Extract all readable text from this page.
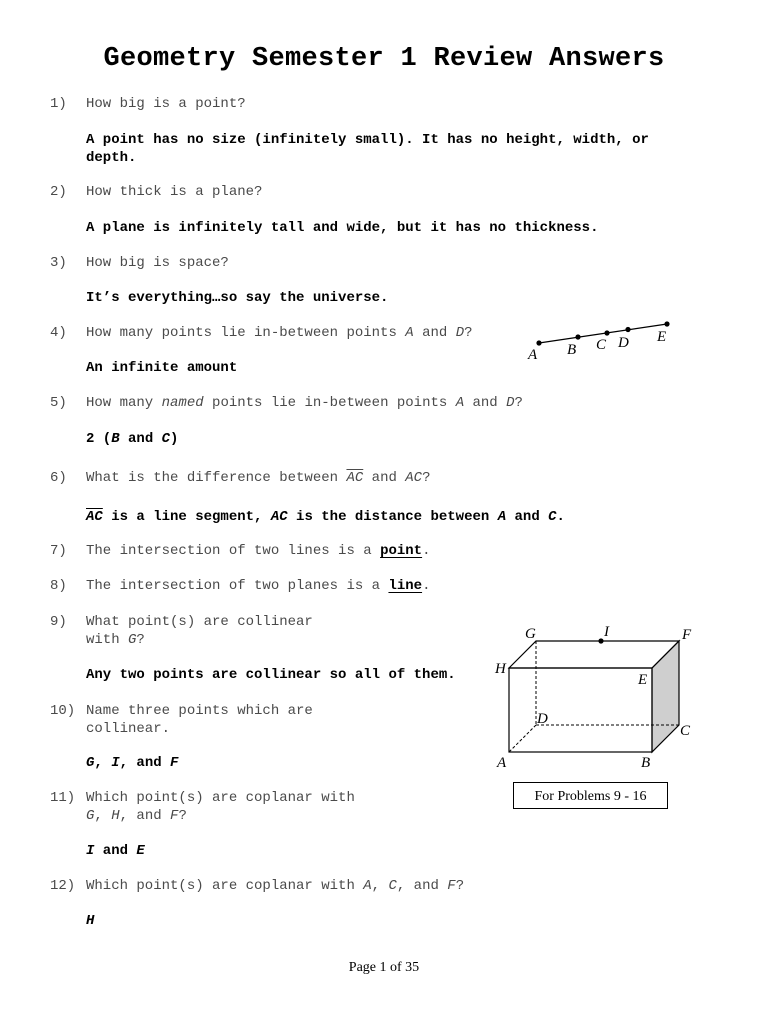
Geometry Semester 1 Review Answers
1) How big is a point?
A point has no size (infinitely small). It has no height, width, or
depth.
2) How thick is a plane?
A plane is infinitely tall and wide, but it has no thickness.
3) How big is space?
It’s everything…so say the universe.
4) How many points lie in-between points A and D?
An infinite amount
A B C D E
5) How many named points lie in-between points A and D?
2 (B and C)
6) What is the difference between $\overline{AC}$ and AC?
$\overline{AC}$ is a line segment, AC is the distance between A and C.
7) The intersection of two lines is a point.
8) The intersection of two planes is a line.
9) What point(s) are collinear
with G?
Any two points are collinear so all of them.
10) Name three points which are
collinear.
G, I, and F
11) Which point(s) are coplanar with
G, H, and F?
I and E
12) Which point(s) are coplanar with A, C, and F?
H
G	I	F
H
E
D
C
A	B
For Problems 9 - 16
Page 1 of 35
